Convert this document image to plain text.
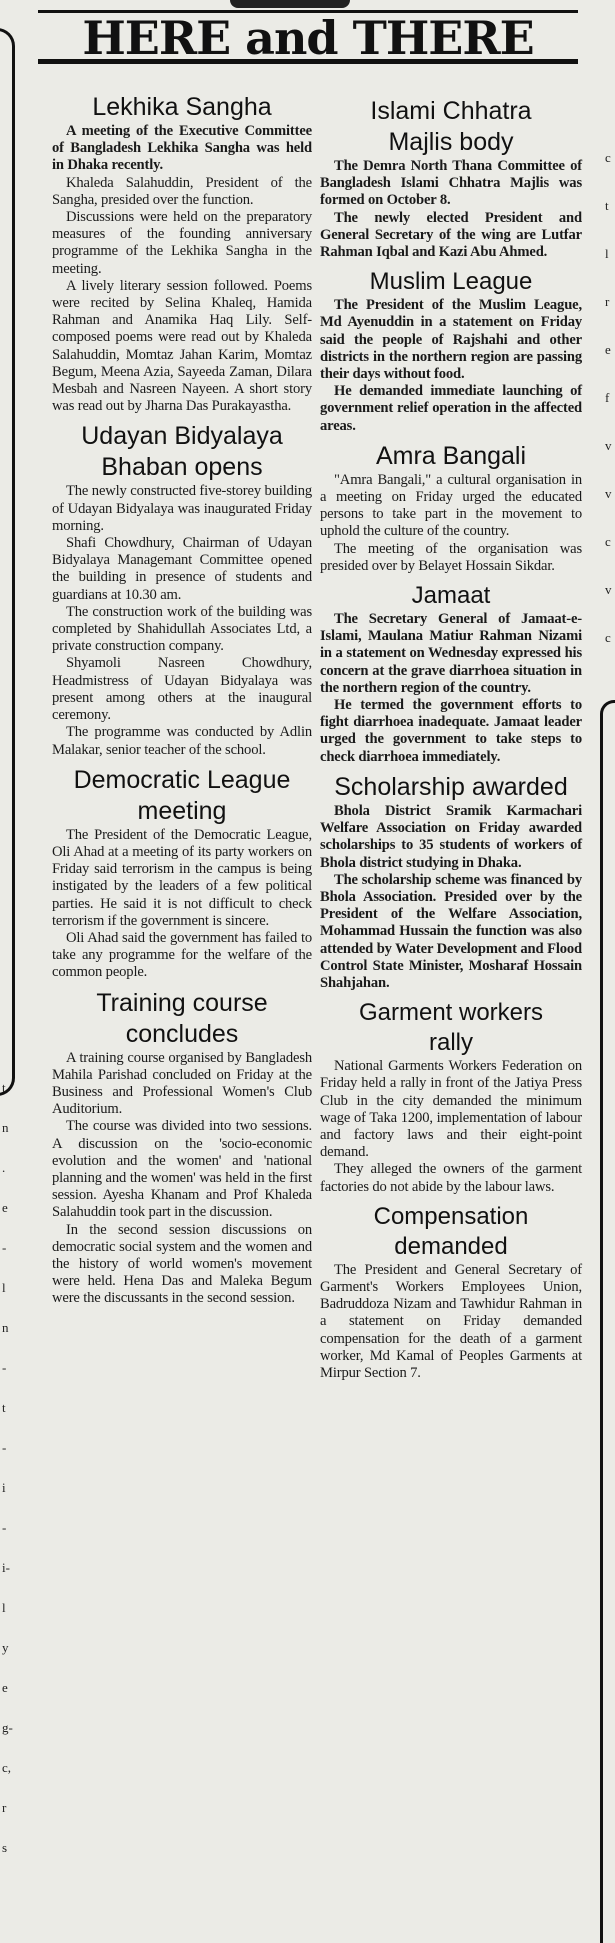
HERE and THERE
t
n
.
e
-
l
n
-
t
-
i
-
i-
l
y
e
g-
c,
r
s
c
t
l
r
e
f
v
v
c
v
c
Lekhika Sangha

A meeting of the Executive Committee of Bangladesh Lekhika Sangha was held in Dhaka recently.

Khaleda Salahuddin, President of the Sangha, presided over the function.

Discussions were held on the preparatory measures of the founding anniversary programme of the Lekhika Sangha in the meeting.

A lively literary session followed. Poems were recited by Selina Khaleq, Hamida Rahman and Anamika Haq Lily. Self-composed poems were read out by Khaleda Salahuddin, Momtaz Jahan Karim, Momtaz Begum, Meena Azia, Sayeeda Zaman, Dilara Mesbah and Nasreen Nayeen. A short story was read out by Jharna Das Purakayastha.

Udayan Bidyalaya
Bhaban opens

The newly constructed five-storey building of Udayan Bidyalaya was inaugurated Friday morning.

Shafi Chowdhury, Chairman of Udayan Bidyalaya Managemant Committee opened the building in presence of students and guardians at 10.30 am.

The construction work of the building was completed by Shahidullah Associates Ltd, a private construction company.

Shyamoli Nasreen Chowdhury, Headmistress of Udayan Bidyalaya was present among others at the inaugural ceremony.

The programme was conducted by Adlin Malakar, senior teacher of the school.

Democratic League
meeting

The President of the Democratic League, Oli Ahad at a meeting of its party workers on Friday said terrorism in the campus is being instigated by the leaders of a few political parties. He said it is not difficult to check terrorism if the government is sincere.

Oli Ahad said the government has failed to take any programme for the welfare of the common people.

Training course
concludes

A training course organised by Bangladesh Mahila Parishad concluded on Friday at the Business and Professional Women's Club Auditorium.

The course was divided into two sessions. A discussion on the 'socio-economic evolution and the women' and 'national planning and the women' was held in the first session. Ayesha Khanam and Prof Khaleda Salahuddin took part in the discussion.

In the second session discussions on democratic social system and the women and the history of world women's movement were held. Hena Das and Maleka Begum were the discussants in the second session.

Islami Chhatra
Majlis body

The Demra North Thana Committee of Bangladesh Islami Chhatra Majlis was formed on October 8.

The newly elected President and General Secretary of the wing are Lutfar Rahman Iqbal and Kazi Abu Ahmed.

Muslim League

The President of the Muslim League, Md Ayenuddin in a statement on Friday said the people of Rajshahi and other districts in the northern region are passing their days without food.

He demanded immediate launching of government relief operation in the affected areas.

Amra Bangali

"Amra Bangali," a cultural organisation in a meeting on Friday urged the educated persons to take part in the movement to uphold the culture of the country.

The meeting of the organisation was presided over by Belayet Hossain Sikdar.

Jamaat

The Secretary General of Jamaat-e-Islami, Maulana Matiur Rahman Nizami in a statement on Wednesday expressed his concern at the grave diarrhoea situation in the northern region of the country.

He termed the government efforts to fight diarrhoea inadequate. Jamaat leader urged the government to take steps to check diarrhoea immediately.

Scholarship awarded

Bhola District Sramik Karmachari Welfare Association on Friday awarded scholarships to 35 students of workers of Bhola district studying in Dhaka.

The scholarship scheme was financed by Bhola Association. Presided over by the President of the Welfare Association, Mohammad Hussain the function was also attended by Water Development and Flood Control State Minister, Mosharaf Hossain Shahjahan.

Garment workers
rally

National Garments Workers Federation on Friday held a rally in front of the Jatiya Press Club in the city demanded the minimum wage of Taka 1200, implementation of labour and factory laws and their eight-point demand.

They alleged the owners of the garment factories do not abide by the labour laws.

Compensation
demanded

The President and General Secretary of Garment's Workers Employees Union, Badruddoza Nizam and Tawhidur Rahman in a statement on Friday demanded compensation for the death of a garment worker, Md Kamal of Peoples Garments at Mirpur Section 7.
